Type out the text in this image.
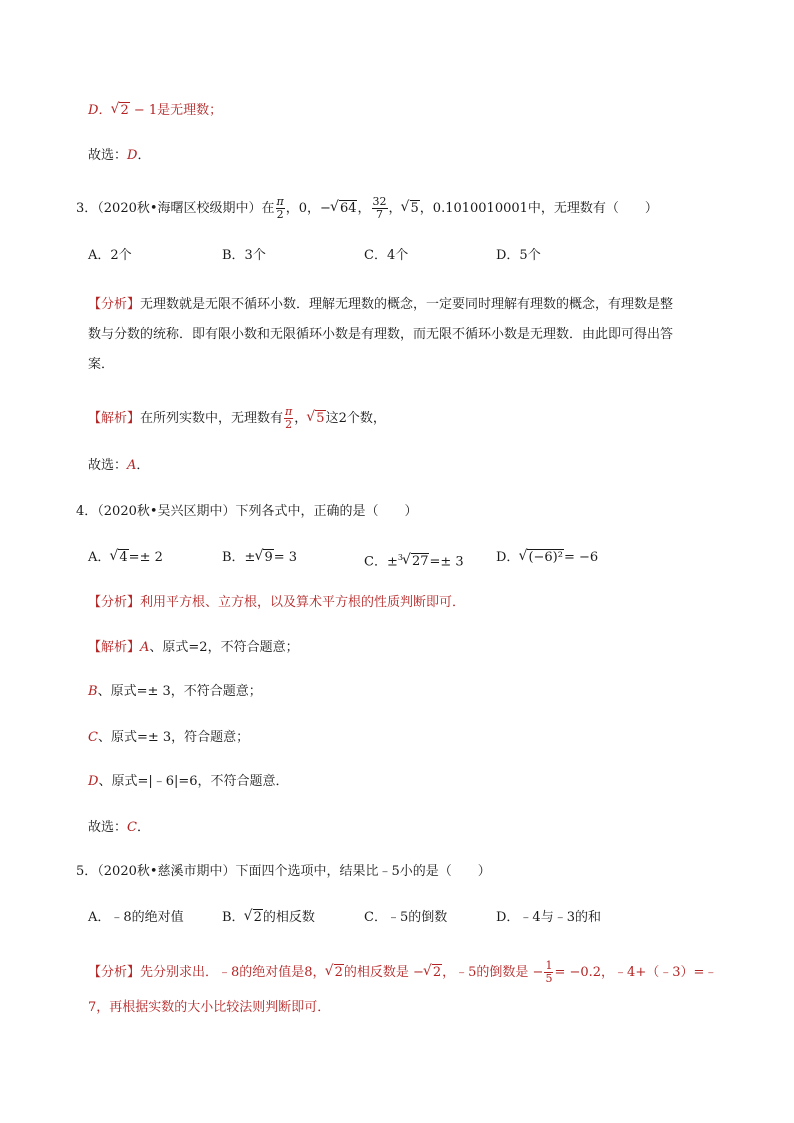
D． √ 2 − 1是无理数；
故选：D．
3．（2020秋•海曙区校级期中）在 $\frac{\pi}{2}$ ，0，− √ 64， $\frac{32}{7}$ ， √ 5，0.1010010001中，无理数有（　　）
A．2个	B．3个	C．4个	D．5个
【分析】无理数就是无限不循环小数．理解无理数的概念，一定要同时理解有理数的概念，有理数是整
数与分数的统称．即有限小数和无限循环小数是有理数，而无限不循环小数是无理数．由此即可得出答
案．
【解析】在所列实数中，无理数有 $\frac{\pi}{2}$ ， √ 5这2个数，
故选：A．
4．（2020秋•吴兴区期中）下列各式中，正确的是（　　）
A． √ 4=± 2	B．± √ 9= 3	C．±$^3$ √ 27=± 3 D． √ (−6)²= −6
【分析】利用平方根、立方根，以及算术平方根的性质判断即可．
【解析】A、原式=2，不符合题意；
B、原式=± 3，不符合题意；
C、原式=± 3，符合题意；
D、原式=|﹣6|=6，不符合题意．
故选：C．
5．（2020秋•慈溪市期中）下面四个选项中，结果比﹣5小的是（　　）
A．﹣8的绝对值	B． √ 2的相反数	C．﹣5的倒数	D．﹣4与﹣3的和
【分析】先分别求出．﹣8的绝对值是8， √ 2的相反数是 − √ 2，﹣5的倒数是 − $\frac{1}{5} = -0.2$，﹣4+（﹣3）=﹣
7，再根据实数的大小比较法则判断即可．
